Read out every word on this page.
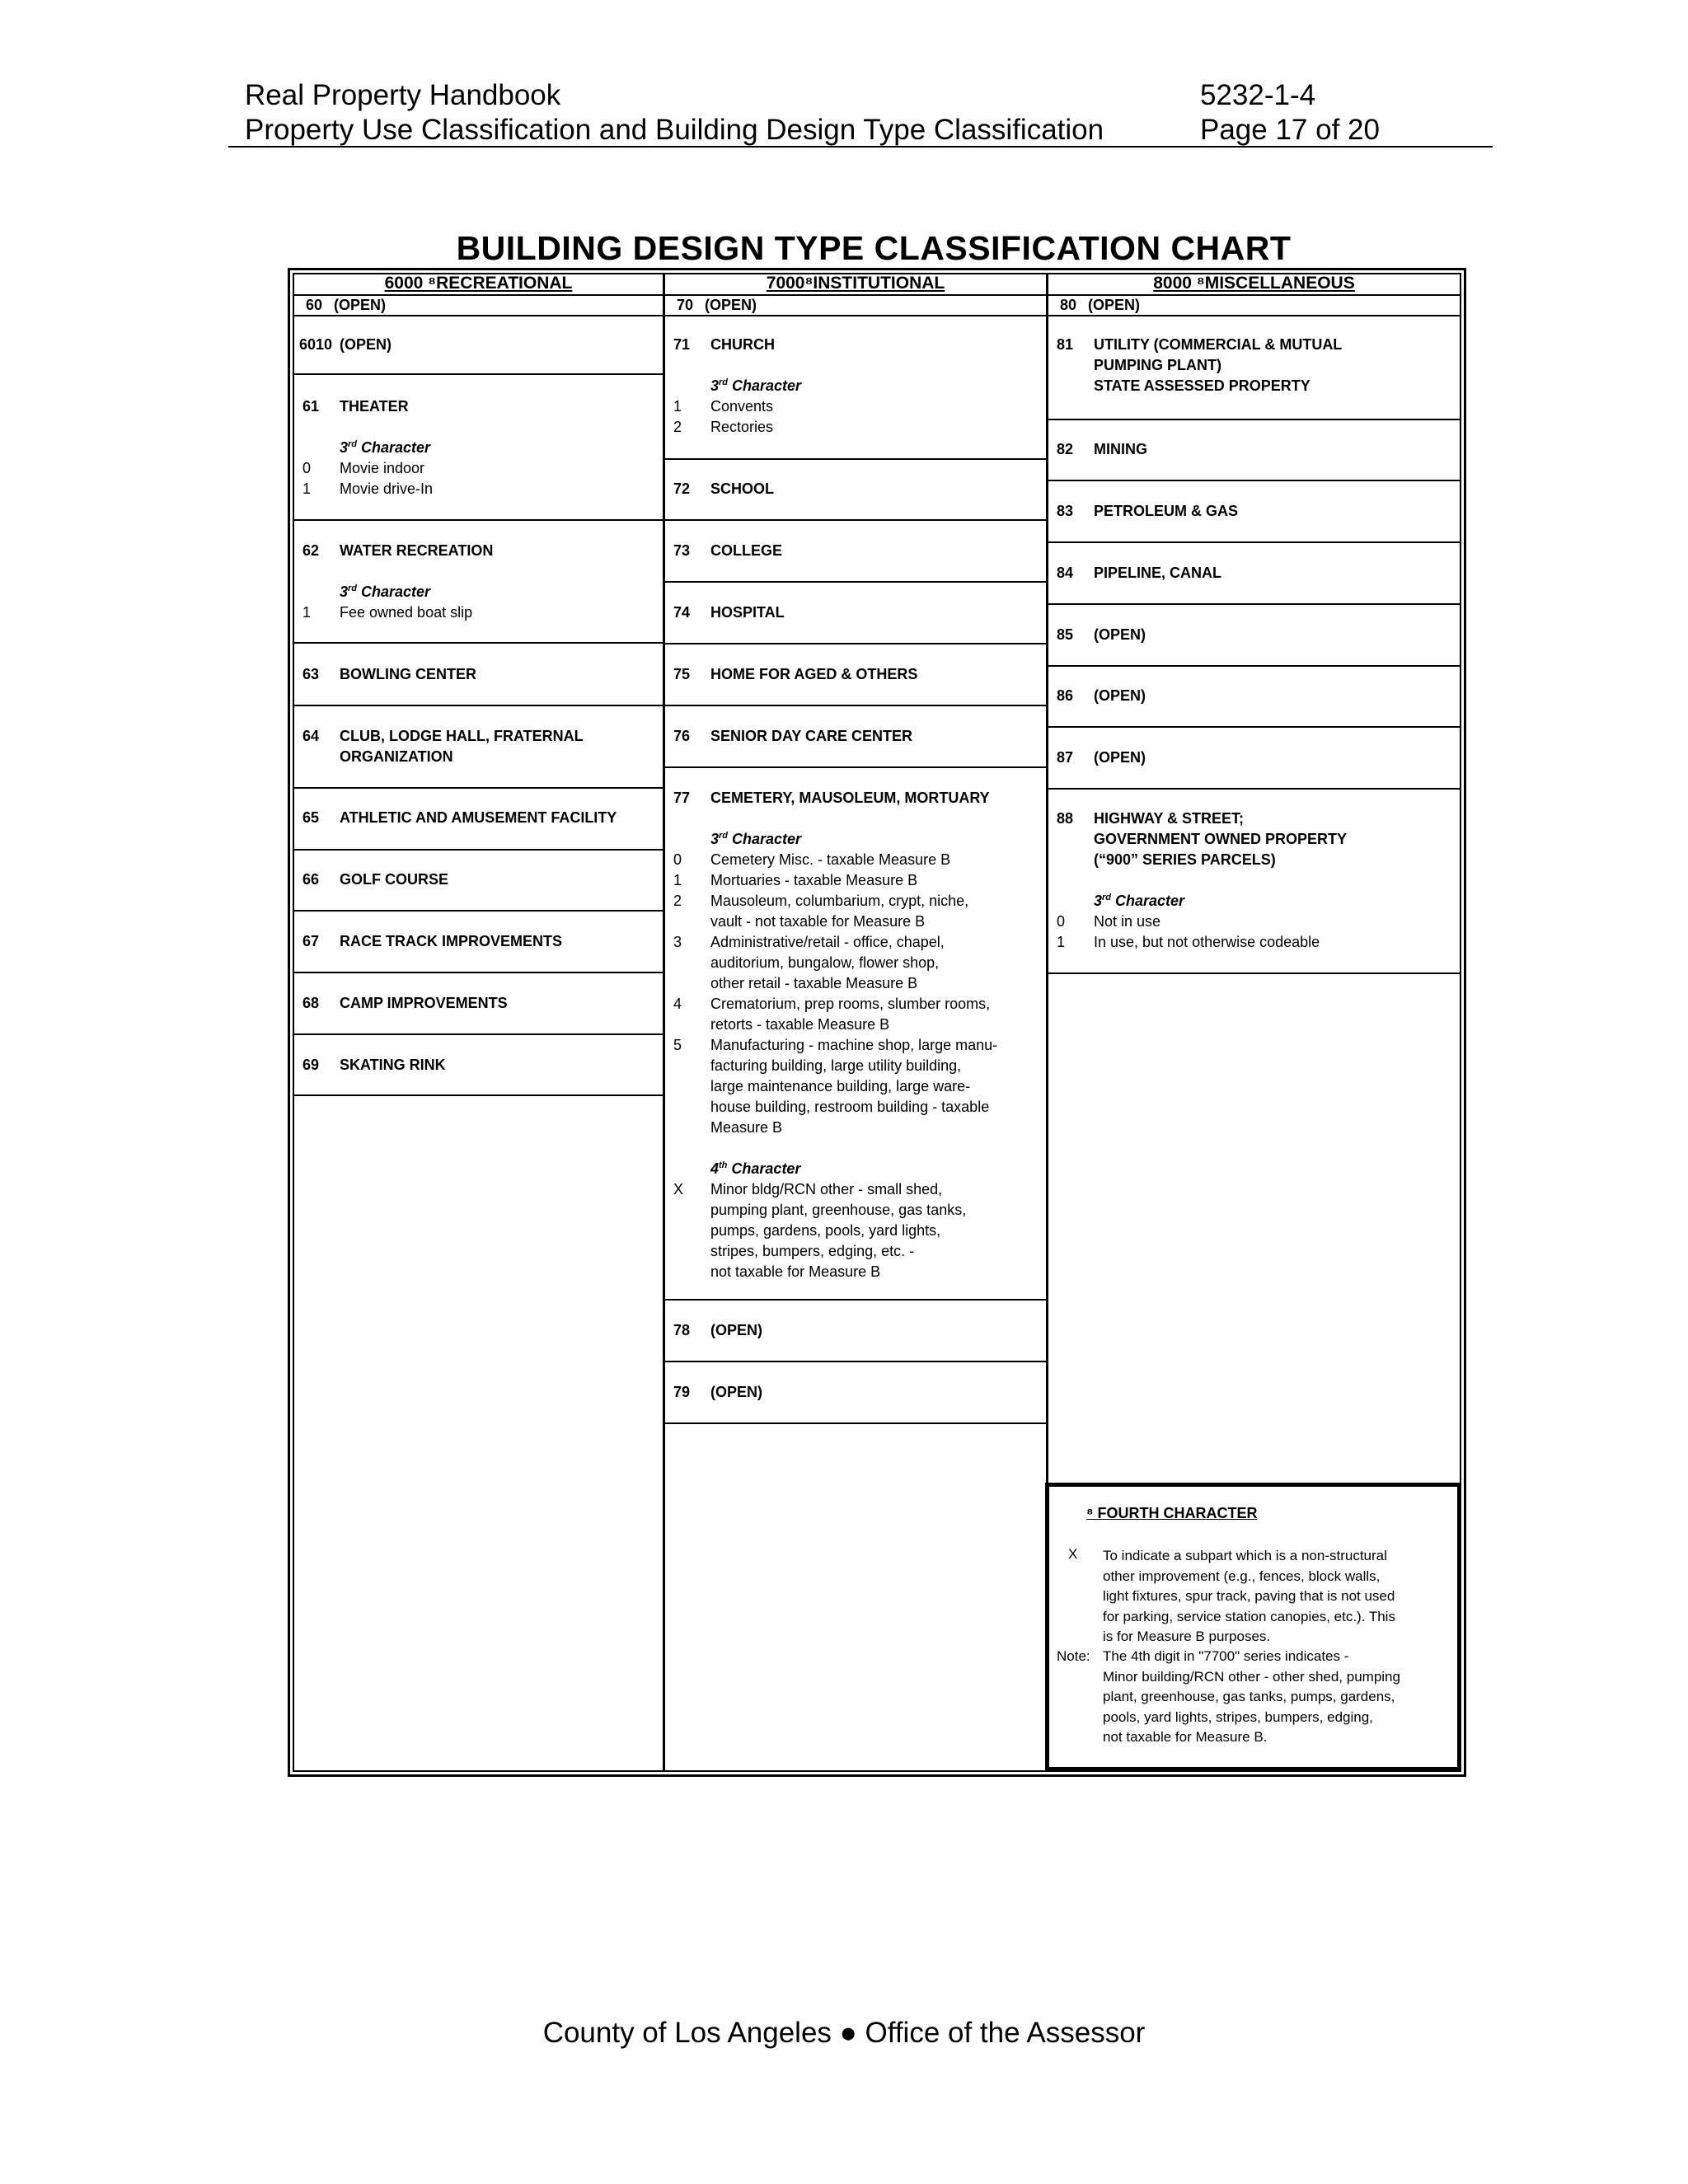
Real Property Handbook	5232-1-4
Property Use Classification and Building Design Type Classification	Page 17 of 20
BUILDING DESIGN TYPE CLASSIFICATION CHART
6000 ⁸RECREATIONAL	7000⁸INSTITUTIONAL	8000 ⁸MISCELLANEOUS
60 (OPEN)	70 (OPEN)	80 (OPEN)
6010 (OPEN)
61	THEATER
3rd Character
0	Movie indoor
1	Movie drive-In
62	WATER RECREATION
3rd Character
1	Fee owned boat slip
63	BOWLING CENTER
64	CLUB, LODGE HALL, FRATERNAL
ORGANIZATION
65	ATHLETIC AND AMUSEMENT FACILITY
66	GOLF COURSE
67	RACE TRACK IMPROVEMENTS
68	CAMP IMPROVEMENTS
69	SKATING RINK
71	CHURCH
3rd Character
1	Convents
2	Rectories
72	SCHOOL
73	COLLEGE
74	HOSPITAL
75	HOME FOR AGED & OTHERS
76	SENIOR DAY CARE CENTER
77	CEMETERY, MAUSOLEUM, MORTUARY
3rd Character
0	Cemetery Misc. - taxable Measure B
1	Mortuaries - taxable Measure B
2	Mausoleum, columbarium, crypt, niche,
vault - not taxable for Measure B
3	Administrative/retail - office, chapel,
auditorium, bungalow, flower shop,
other retail - taxable Measure B
4	Crematorium, prep rooms, slumber rooms,
retorts - taxable Measure B
5	Manufacturing - machine shop, large manu-
facturing building, large utility building,
large maintenance building, large ware-
house building, restroom building - taxable
Measure B
4th Character
X	Minor bldg/RCN other - small shed,
pumping plant, greenhouse, gas tanks,
pumps, gardens, pools, yard lights,
stripes, bumpers, edging, etc. -
not taxable for Measure B
78	(OPEN)
79	(OPEN)
81	UTILITY (COMMERCIAL & MUTUAL
PUMPING PLANT)
STATE ASSESSED PROPERTY
82	MINING
83	PETROLEUM & GAS
84	PIPELINE, CANAL
85	(OPEN)
86	(OPEN)
87	(OPEN)
88	HIGHWAY & STREET;
GOVERNMENT OWNED PROPERTY
(“900” SERIES PARCELS)
3rd Character
0	Not in use
1	In use, but not otherwise codeable
⁸ FOURTH CHARACTER
X To indicate a subpart which is a non-structural
other improvement (e.g., fences, block walls,
light fixtures, spur track, paving that is not used
for parking, service station canopies, etc.). This
is for Measure B purposes.
Note: The 4th digit in "7700" series indicates -
Minor building/RCN other - other shed, pumping
plant, greenhouse, gas tanks, pumps, gardens,
pools, yard lights, stripes, bumpers, edging,
not taxable for Measure B.
County of Los Angeles ● Office of the Assessor
